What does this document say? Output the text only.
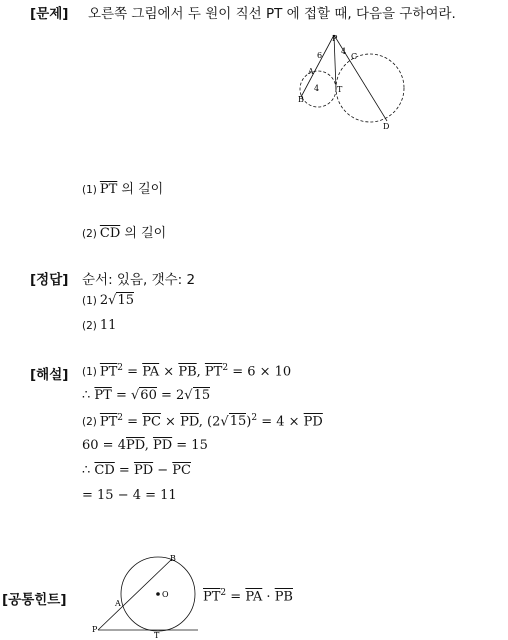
[문제] 오른쪽 그림에서 두 원이 직선 PT 에 접할 때, 다음을 구하여라.
P
6 4
C
A
4 T
B
D
(1) $\overline{PT}$ 의 길이
(2) $\overline{CD}$ 의 길이
[정답] 순서: 있음, 갯수: 2
(1) 2√15
(2) 11
[해설] (1) $\overline{PT}^2 = \overline{PA} \times \overline{PB}$, $\overline{PT}^2 = 6 \times 10$
∴ $\overline{PT} = √60 = 2√15$
(2) $\overline{PT}^2 = \overline{PC} \times \overline{PD}$, $(2√15)^2 = 4 \times \overline{PD}$
$60 = 4\overline{PD}$, $\overline{PD} = 15$
∴ $\overline{CD} = \overline{PD} - \overline{PC}$
= 15 − 4 = 11
[공통힌트]
B
A
P
T
O	$\overline{PT}^2 = \overline{PA} \cdot \overline{PB}$
